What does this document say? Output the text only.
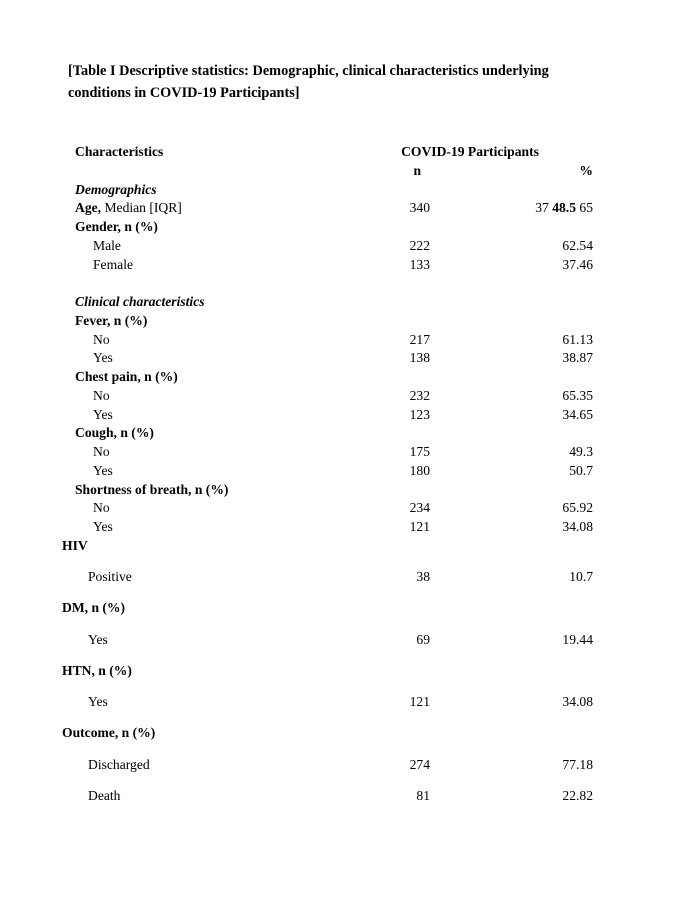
[Table I Descriptive statistics: Demographic, clinical characteristics underlying
conditions in COVID-19 Participants]

Characteristics	COVID-19 Participants
n	%
Demographics
Age, Median [IQR]	340	37 48.5 65
Gender, n (%)
Male	222	62.54
Female	133	37.46
Clinical characteristics
Fever, n (%)
No	217	61.13
Yes	138	38.87
Chest pain, n (%)
No	232	65.35
Yes	123	34.65
Cough, n (%)
No	175	49.3
Yes	180	50.7
Shortness of breath, n (%)
No	234	65.92
Yes	121	34.08
HIV
Positive	38	10.7
DM, n (%)
Yes	69	19.44
HTN, n (%)
Yes	121	34.08
Outcome, n (%)
Discharged	274	77.18
Death	81	22.82
